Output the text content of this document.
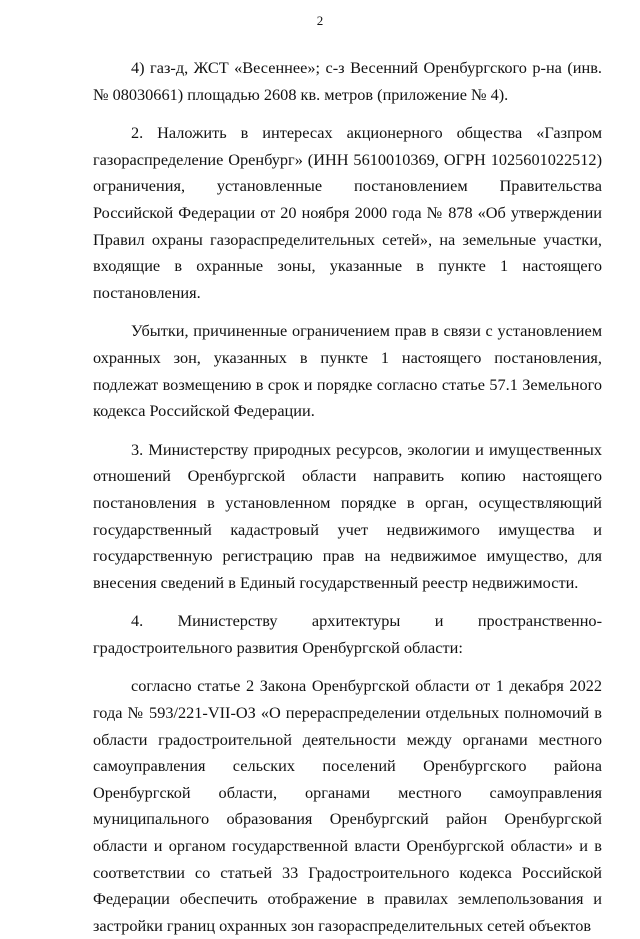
2

4) газ-д, ЖСТ «Весеннее»; с-з Весенний Оренбургского р-на (инв.№ 08030661) площадью 2608 кв. метров (приложение № 4).

2. Наложить в интересах акционерного общества «Газпром газораспределение Оренбург» (ИНН 5610010369, ОГРН 1025601022512) ограничения, установленные постановлением Правительства Российской Федерации от 20 ноября 2000 года № 878 «Об утверждении Правил охраны газораспределительных сетей», на земельные участки, входящие в охранные зоны, указанные в пункте 1 настоящего постановления.

Убытки, причиненные ограничением прав в связи с установлением охранных зон, указанных в пункте 1 настоящего постановления, подлежат возмещению в срок и порядке согласно статье 57.1 Земельного кодекса Российской Федерации.

3. Министерству природных ресурсов, экологии и имущественных отношений Оренбургской области направить копию настоящего постановления в установленном порядке в орган, осуществляющий государственный кадастровый учет недвижимого имущества и государственную регистрацию прав на недвижимое имущество, для внесения сведений в Единый государственный реестр недвижимости.

4. Министерству архитектуры и пространственно-градостроительного развития Оренбургской области:

согласно статье 2 Закона Оренбургской области от 1 декабря 2022 года № 593/221-VII-ОЗ «О перераспределении отдельных полномочий в области градостроительной деятельности между органами местного самоуправления сельских поселений Оренбургского района Оренбургской области, органами местного самоуправления муниципального образования Оренбургский район Оренбургской области и органом государственной власти Оренбургской области» и в соответствии со статьей 33 Градостроительного кодекса Российской Федерации обеспечить отображение в правилах землепользования и застройки границ охранных зон газораспределительных сетей объектов
